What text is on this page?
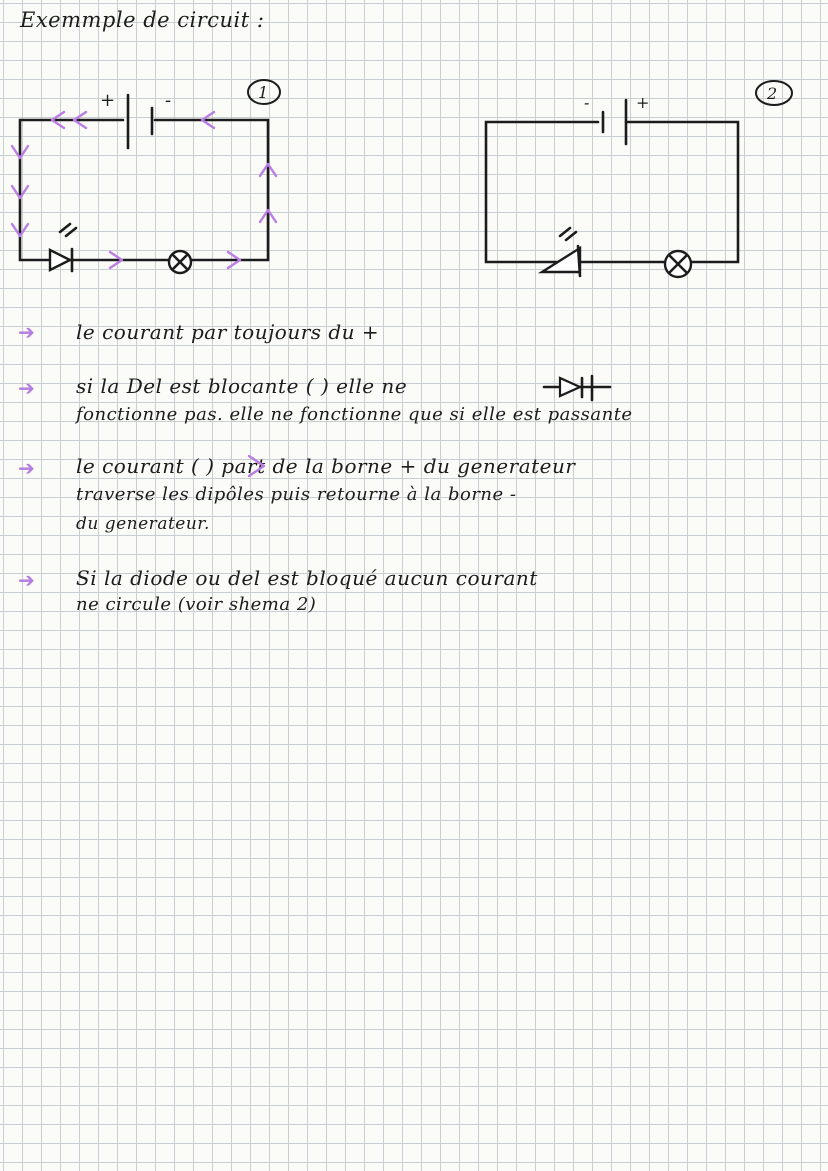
Exemmple de circuit :
+	-	1
-	+	2
➔ le courant par toujours du +
➔ si la Del est blocante ( ) elle ne
fonctionne pas. elle ne fonctionne que si elle est passante
➔ le courant ( ) part de la borne + du generateur
traverse les dipôles puis retourne à la borne -
du generateur.
➔ Si la diode ou del est bloqué aucun courant
ne circule (voir shema 2)
